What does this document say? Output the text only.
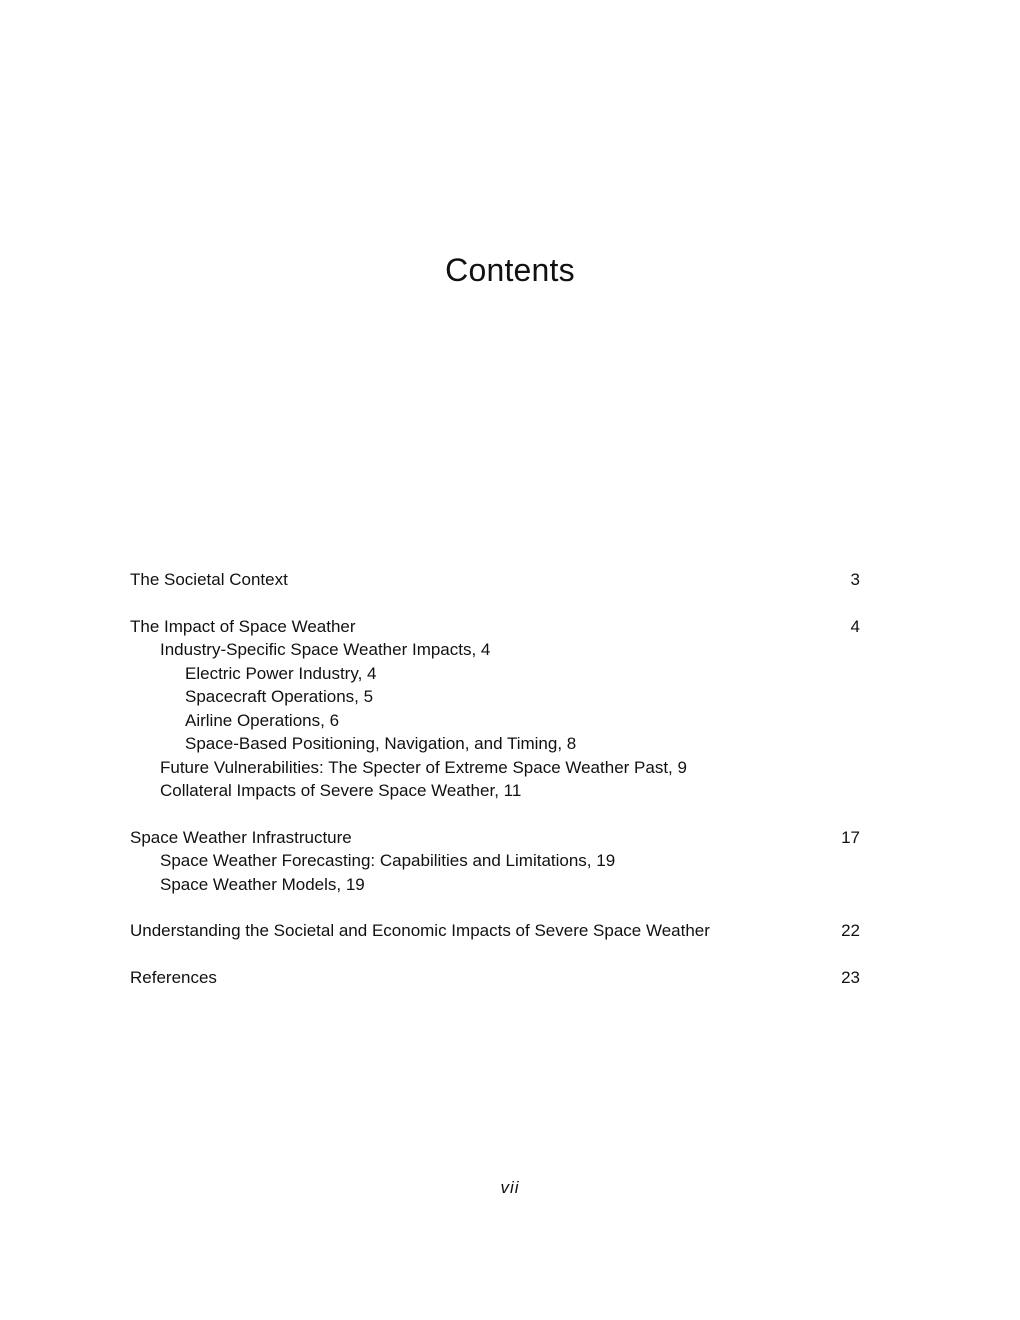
Contents
The Societal Context	3
The Impact of Space Weather	4
Industry-Specific Space Weather Impacts, 4
Electric Power Industry, 4
Spacecraft Operations, 5
Airline Operations, 6
Space-Based Positioning, Navigation, and Timing, 8
Future Vulnerabilities: The Specter of Extreme Space Weather Past, 9
Collateral Impacts of Severe Space Weather, 11
Space Weather Infrastructure	17
Space Weather Forecasting: Capabilities and Limitations, 19
Space Weather Models, 19
Understanding the Societal and Economic Impacts of Severe Space Weather	22
References	23
vii
